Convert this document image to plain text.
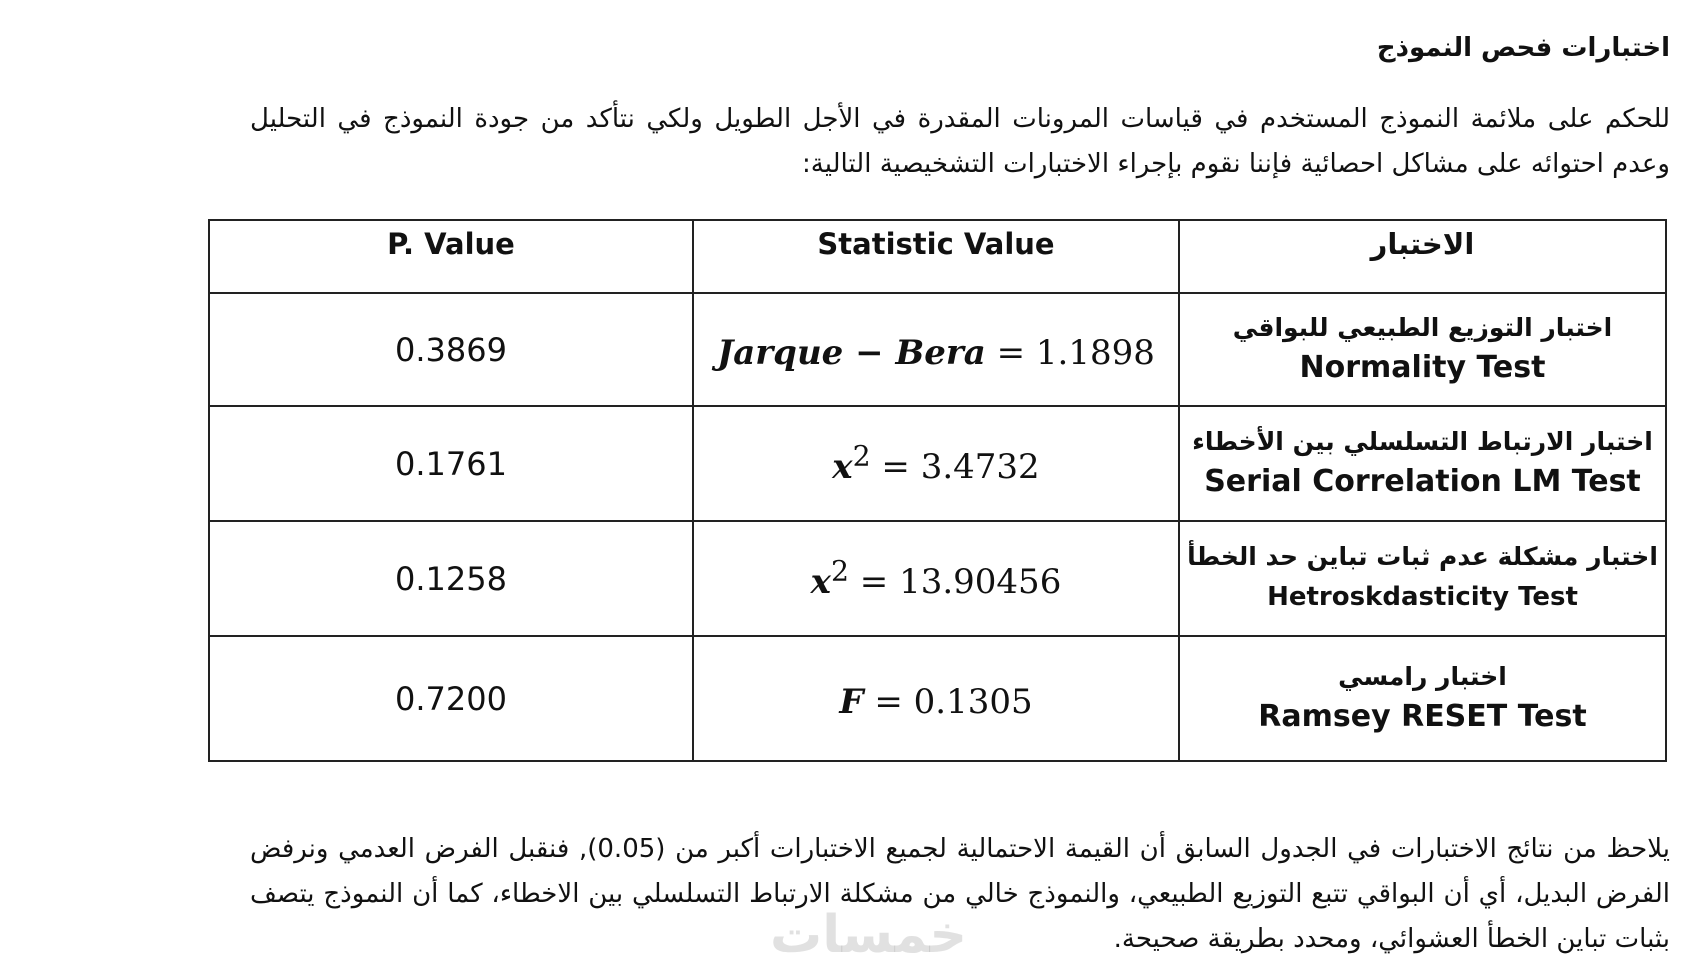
اختبارات فحص النموذج
للحكم على ملائمة النموذج المستخدم في قياسات المرونات المقدرة في الأجل الطويل ولكي نتأكد من جودة النموذج في التحليل وعدم احتوائه على مشاكل احصائية فإننا نقوم بإجراء الاختبارات التشخيصية التالية:
الاختبار	Statistic Value	P. Value

اختبار التوزيع الطبيعي للبواقي
Normality Test	Jarque − Bera = 1.1898	0.3869

اختبار الارتباط التسلسلي بين الأخطاء
Serial Correlation LM Test	$x^2 = 3.4732$	0.1761

اختبار مشكلة عدم ثبات تباين حد الخطأ
Hetroskdasticity Test	$x^2 = 13.90456$	0.1258

اختبار رامسي
Ramsey RESET Test	F = 0.1305	0.7200
يلاحظ من نتائج الاختبارات في الجدول السابق أن القيمة الاحتمالية لجميع الاختبارات أكبر من (0.05), فنقبل الفرض العدمي ونرفض الفرض البديل، أي أن البواقي تتبع التوزيع الطبيعي، والنموذج خالي من مشكلة الارتباط التسلسلي بين الاخطاء، كما أن النموذج يتصف بثبات تباين الخطأ العشوائي، ومحدد بطريقة صحيحة.
خمسات
